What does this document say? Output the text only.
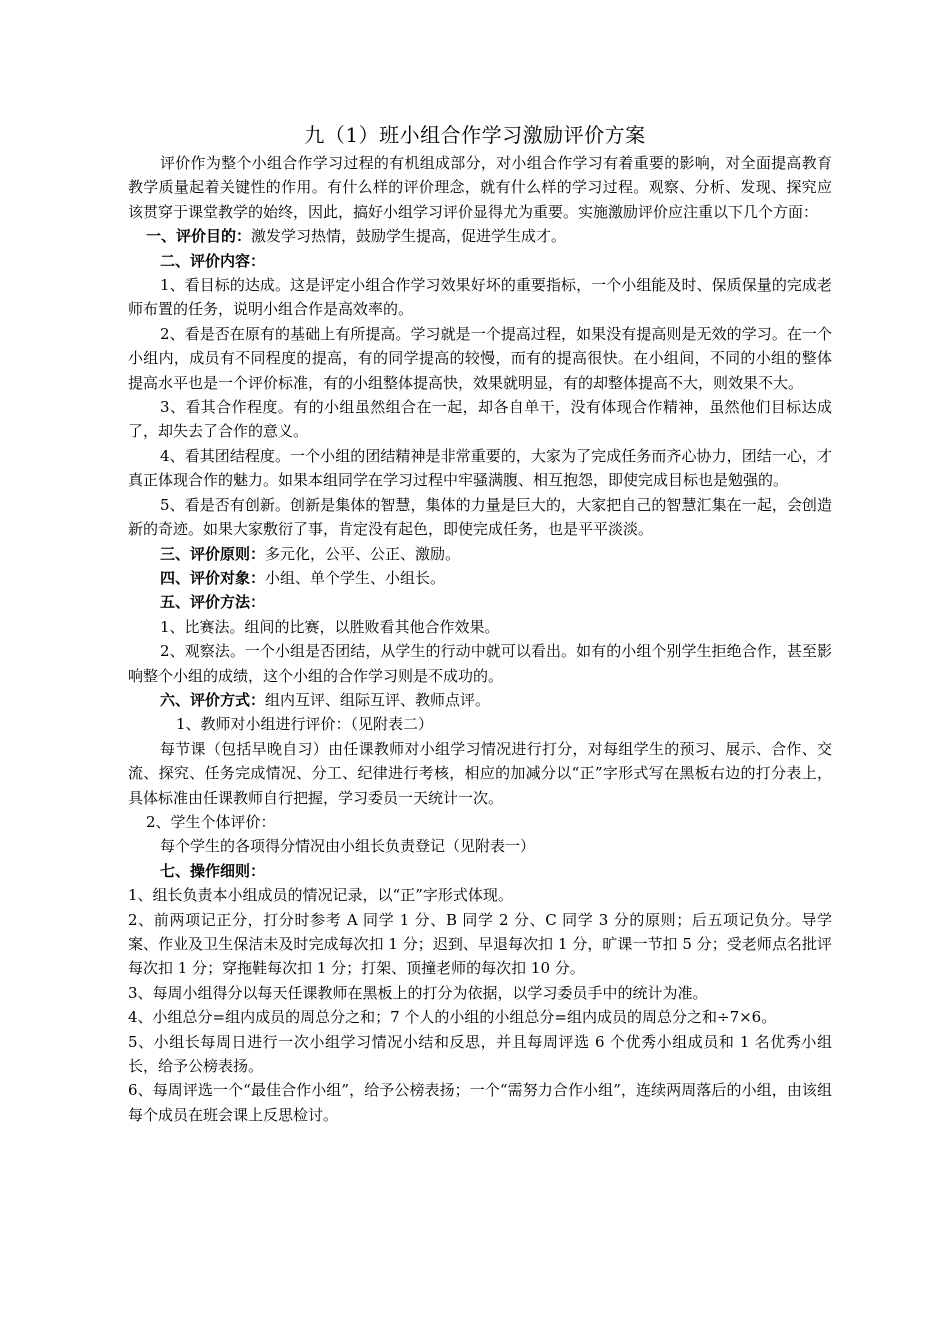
九（1）班小组合作学习激励评价方案

评价作为整个小组合作学习过程的有机组成部分，对小组合作学习有着重要的影响，对全面提高教育教学质量起着关键性的作用。有什么样的评价理念，就有什么样的学习过程。观察、分析、发现、探究应该贯穿于课堂教学的始终，因此，搞好小组学习评价显得尤为重要。实施激励评价应注重以下几个方面：

一、评价目的：激发学习热情，鼓励学生提高，促进学生成才。

二、评价内容：

1、看目标的达成。这是评定小组合作学习效果好坏的重要指标，一个小组能及时、保质保量的完成老师布置的任务，说明小组合作是高效率的。

2、看是否在原有的基础上有所提高。学习就是一个提高过程，如果没有提高则是无效的学习。在一个小组内，成员有不同程度的提高，有的同学提高的较慢，而有的提高很快。在小组间，不同的小组的整体提高水平也是一个评价标准，有的小组整体提高快，效果就明显，有的却整体提高不大，则效果不大。

3、看其合作程度。有的小组虽然组合在一起，却各自单干，没有体现合作精神，虽然他们目标达成了，却失去了合作的意义。

4、看其团结程度。一个小组的团结精神是非常重要的，大家为了完成任务而齐心协力，团结一心，才真正体现合作的魅力。如果本组同学在学习过程中牢骚满腹、相互抱怨，即使完成目标也是勉强的。

5、看是否有创新。创新是集体的智慧，集体的力量是巨大的，大家把自己的智慧汇集在一起，会创造新的奇迹。如果大家敷衍了事，肯定没有起色，即使完成任务，也是平平淡淡。

三、评价原则：多元化，公平、公正、激励。

四、评价对象：小组、单个学生、小组长。

五、评价方法：

1、比赛法。组间的比赛，以胜败看其他合作效果。

2、观察法。一个小组是否团结，从学生的行动中就可以看出。如有的小组个别学生拒绝合作，甚至影响整个小组的成绩，这个小组的合作学习则是不成功的。

六、评价方式：组内互评、组际互评、教师点评。

1、教师对小组进行评价：（见附表二）

每节课（包括早晚自习）由任课教师对小组学习情况进行打分，对每组学生的预习、展示、合作、交流、探究、任务完成情况、分工、纪律进行考核，相应的加减分以“正”字形式写在黑板右边的打分表上，具体标准由任课教师自行把握，学习委员一天统计一次。

2、学生个体评价：

每个学生的各项得分情况由小组长负责登记（见附表一）

七、操作细则：

1、组长负责本小组成员的情况记录，以“正”字形式体现。

2、前两项记正分，打分时参考 A 同学 1 分、B 同学 2 分、C 同学 3 分的原则；后五项记负分。导学案、作业及卫生保洁未及时完成每次扣 1 分；迟到、早退每次扣 1 分，旷课一节扣 5 分；受老师点名批评每次扣 1 分；穿拖鞋每次扣 1 分；打架、顶撞老师的每次扣 10 分。

3、每周小组得分以每天任课教师在黑板上的打分为依据，以学习委员手中的统计为准。

4、小组总分=组内成员的周总分之和；7 个人的小组的小组总分=组内成员的周总分之和÷7×6。

5、小组长每周日进行一次小组学习情况小结和反思，并且每周评选 6 个优秀小组成员和 1 名优秀小组长，给予公榜表扬。

6、每周评选一个“最佳合作小组”，给予公榜表扬；一个“需努力合作小组”，连续两周落后的小组，由该组每个成员在班会课上反思检讨。
